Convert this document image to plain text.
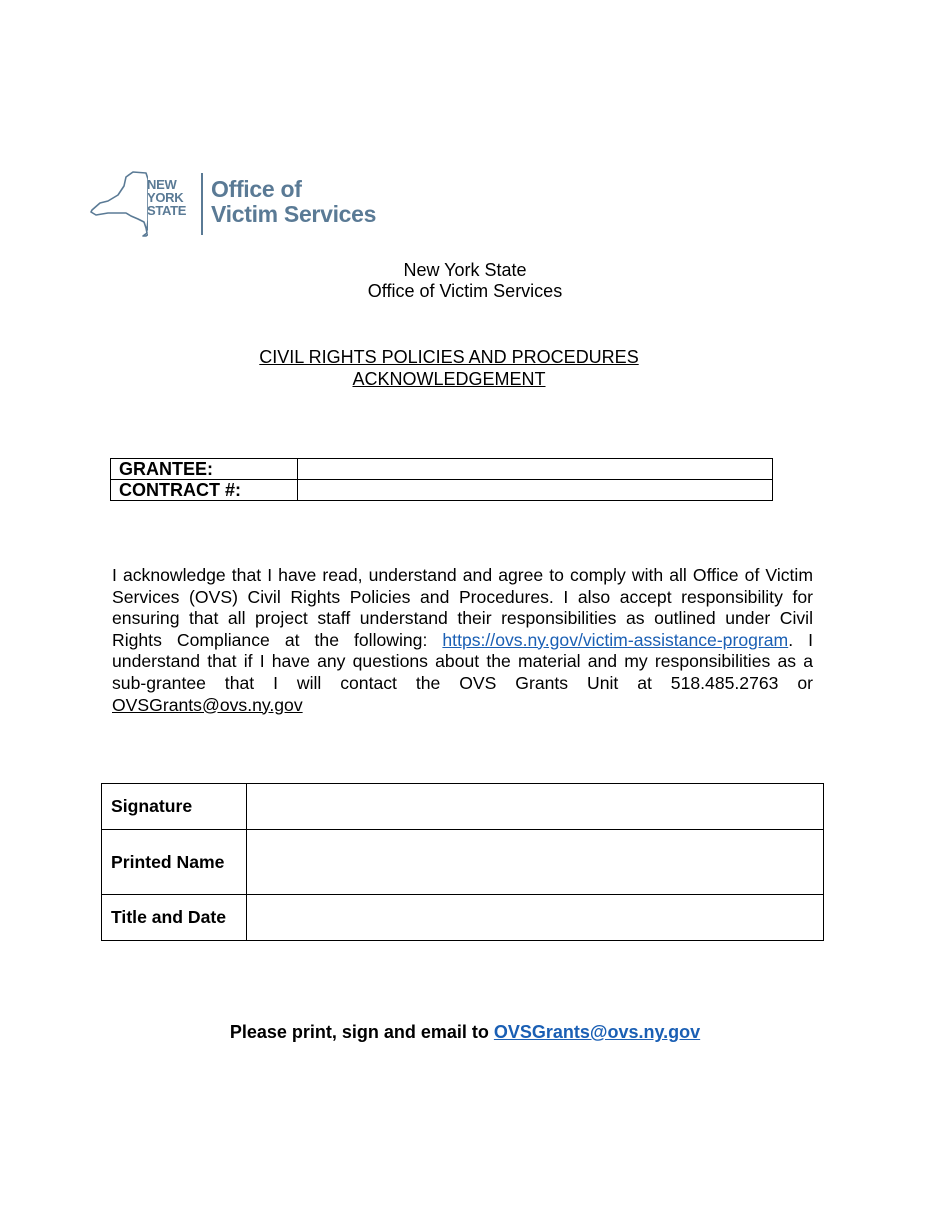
NEW
YORK
STATE
Office of
Victim Services
New York State
Office of Victim Services
CIVIL RIGHTS POLICIES AND PROCEDURES
ACKNOWLEDGEMENT
GRANTEE:	
CONTRACT #:	
I acknowledge that I have read, understand and agree to comply with all Office of Victim Services (OVS) Civil Rights Policies and Procedures. I also accept responsibility for ensuring that all project staff understand their responsibilities as outlined under Civil Rights Compliance at the following: https://ovs.ny.gov/victim-assistance-program. I understand that if I have any questions about the material and my responsibilities as a sub-grantee that I will contact the OVS Grants Unit at 518.485.2763 or OVSGrants@ovs.ny.gov
Signature	
Printed Name	
Title and Date	
Please print, sign and email to OVSGrants@ovs.ny.gov
